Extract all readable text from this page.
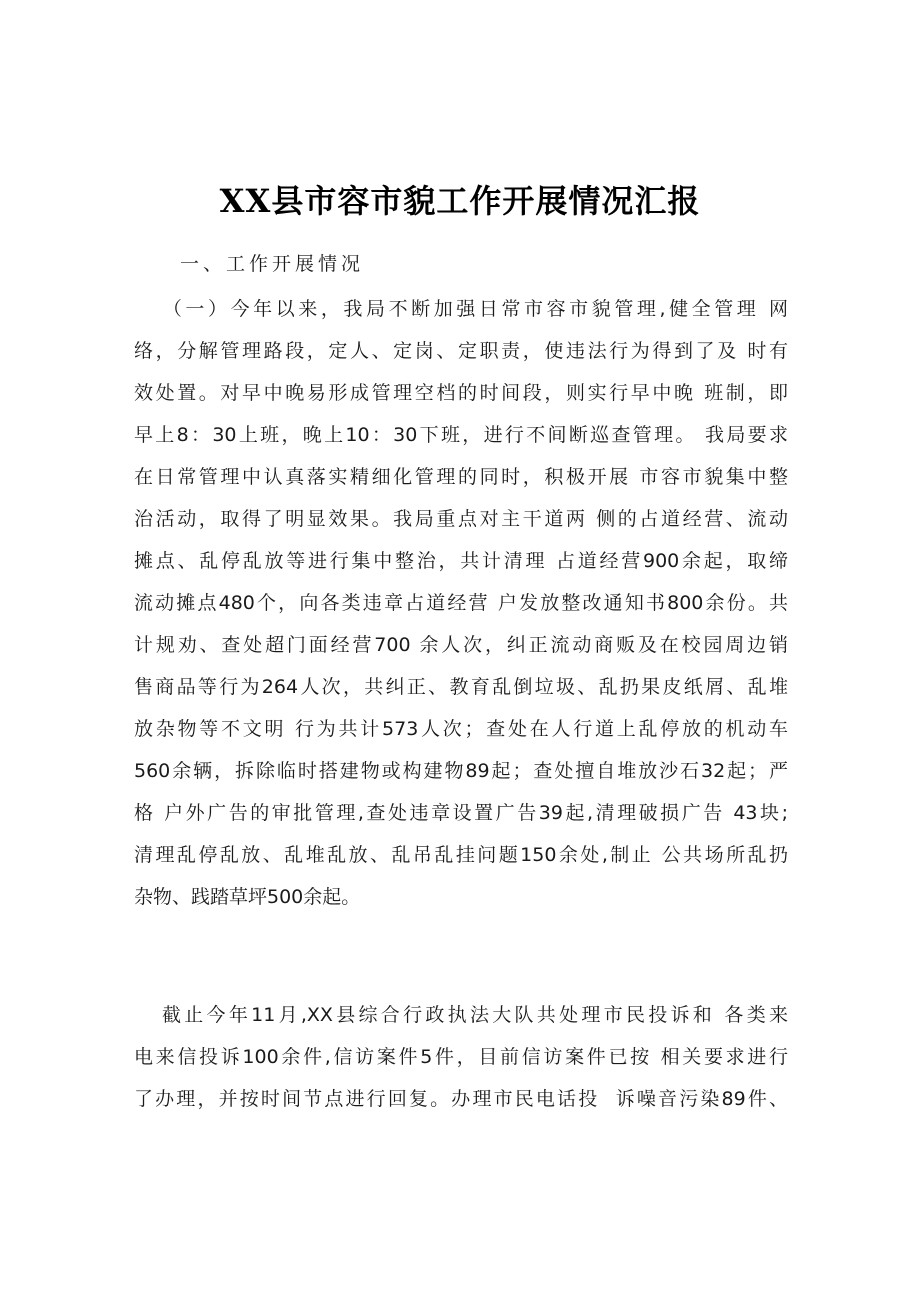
XX县市容市貌工作开展情况汇报
一、工作开展情况
（一）今年以来，我局不断加强日常市容市貌管理,健全管理 网
络，分解管理路段，定人、定岗、定职责，使违法行为得到了及 时有
效处置。对早中晚易形成管理空档的时间段，则实行早中晚 班制，即
早上8：30上班，晚上10：30下班，进行不间断巡查管理。 我局要求
在日常管理中认真落实精细化管理的同时，积极开展 市容市貌集中整
治活动，取得了明显效果。我局重点对主干道两 侧的占道经营、流动
摊点、乱停乱放等进行集中整治，共计清理 占道经营900余起，取缔
流动摊点480个，向各类违章占道经营 户发放整改通知书800余份。共
计规劝、查处超门面经营700 余人次，纠正流动商贩及在校园周边销
售商品等行为264人次，共纠正、教育乱倒垃圾、乱扔果皮纸屑、乱堆
放杂物等不文明 行为共计573人次；查处在人行道上乱停放的机动车
560余辆，拆除临时搭建物或构建物89起；查处擅自堆放沙石32起；严
格 户外广告的审批管理,查处违章设置广告39起,清理破损广告 43块;
清理乱停乱放、乱堆乱放、乱吊乱挂问题150余处,制止 公共场所乱扔
杂物、践踏草坪500余起。
截止今年11月,XX县综合行政执法大队共处理市民投诉和 各类来
电来信投诉100余件,信访案件5件，目前信访案件已按 相关要求进行
了办理，并按时间节点进行回复。办理市民电话投  诉噪音污染89件、
